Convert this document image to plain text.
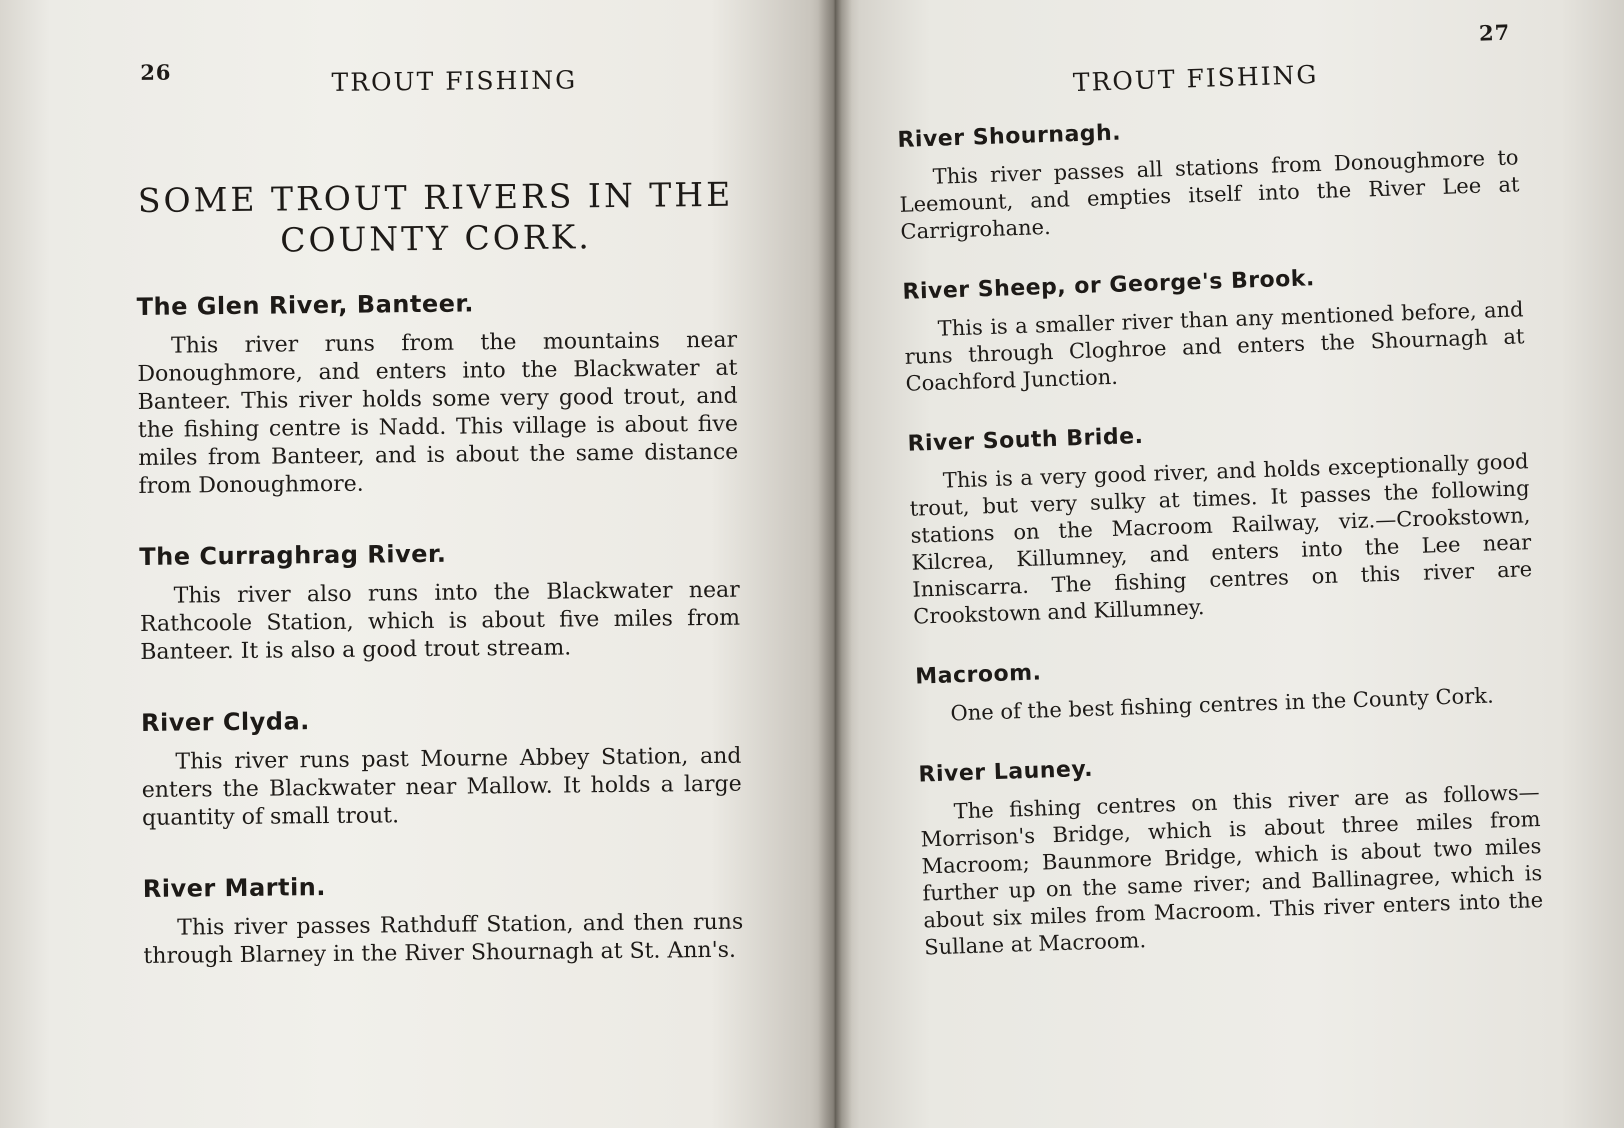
26	TROUT FISHING
SOME TROUT RIVERS IN THE
COUNTY CORK.
The Glen River, Banteer.

This river runs from the mountains near Donoughmore, and enters into the Blackwater at Banteer. This river holds some very good trout, and the fishing centre is Nadd. This village is about five miles from Banteer, and is about the same distance from Donoughmore.

The Curraghrag River.

This river also runs into the Blackwater near Rathcoole Station, which is about five miles from Banteer. It is also a good trout stream.

River Clyda.

This river runs past Mourne Abbey Station, and enters the Blackwater near Mallow. It holds a large quantity of small trout.

River Martin.

This river passes Rathduff Station, and then runs through Blarney in the River Shournagh at St. Ann's.

TROUT FISHING
27
River Shournagh.

This river passes all stations from Donoughmore to Leemount, and empties itself into the River Lee at Carrigrohane.

River Sheep, or George's Brook.

This is a smaller river than any mentioned before, and runs through Cloghroe and enters the Shournagh at Coachford Junction.

River South Bride.

This is a very good river, and holds exceptionally good trout, but very sulky at times. It passes the following stations on the Macroom Railway, viz.—Crookstown, Kilcrea, Killumney, and enters into the Lee near Inniscarra. The fishing centres on this river are Crookstown and Killumney.

Macroom.

One of the best fishing centres in the County Cork.

River Launey.

The fishing centres on this river are as follows—Morrison's Bridge, which is about three miles from Macroom; Baunmore Bridge, which is about two miles further up on the same river; and Ballinagree, which is about six miles from Macroom. This river enters into the Sullane at Macroom.
